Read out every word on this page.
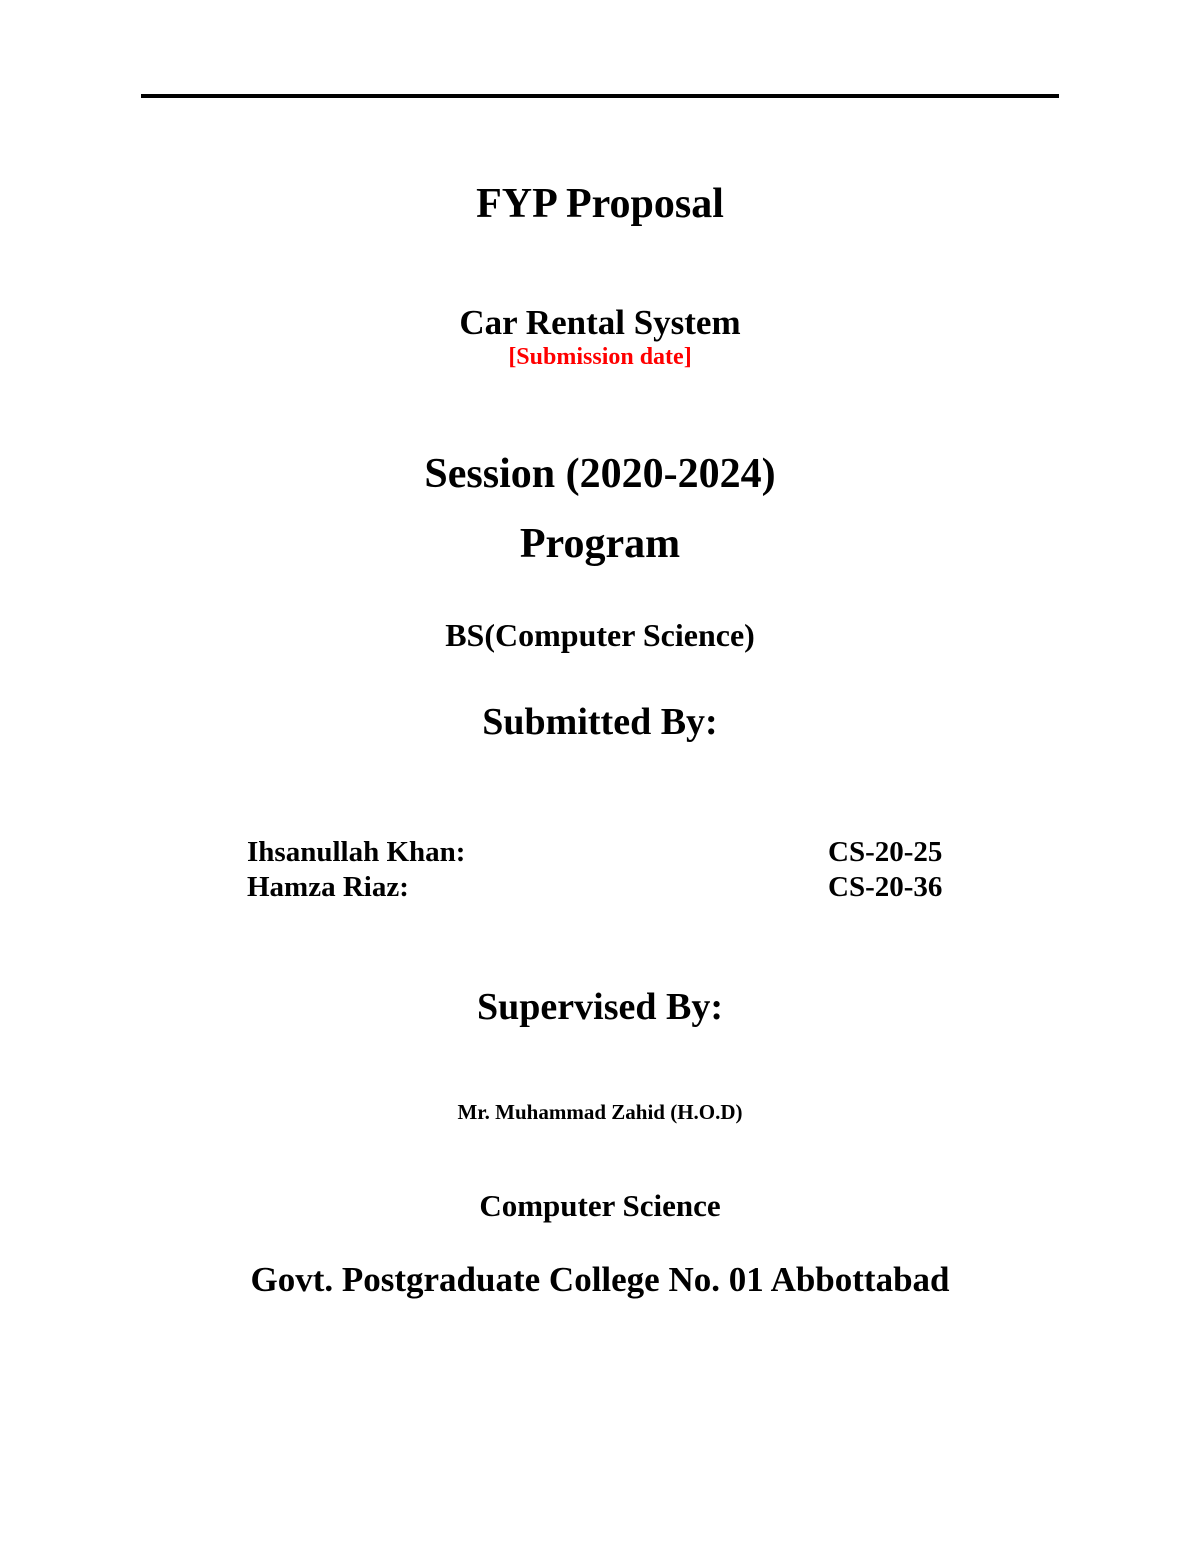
FYP Proposal
Car Rental System
[Submission date]
Session (2020-2024)
Program
BS(Computer Science)
Submitted By:
Ihsanullah Khan:	CS-20-25
Hamza Riaz:	CS-20-36
Supervised By:
Mr. Muhammad Zahid (H.O.D)
Computer Science
Govt. Postgraduate College No. 01 Abbottabad
